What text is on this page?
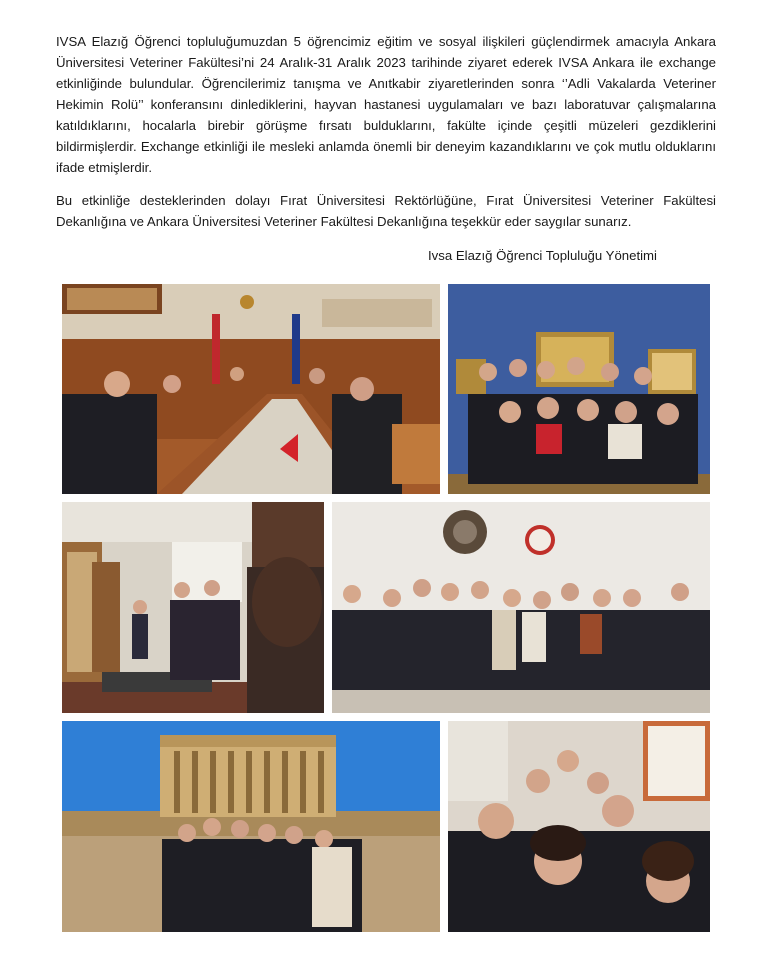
IVSA Elazığ Öğrenci topluluğumuzdan 5 öğrencimiz eğitim ve sosyal ilişkileri güçlendirmek amacıyla Ankara Üniversitesi Veteriner Fakültesi’ni 24 Aralık-31 Aralık 2023 tarihinde ziyaret ederek IVSA Ankara ile exchange etkinliğinde bulundular. Öğrencilerimiz tanışma ve Anıtkabir ziyaretlerinden sonra ‘’Adli Vakalarda Veteriner Hekimin Rolü’’ konferansını dinlediklerini, hayvan hastanesi uygulamaları ve bazı laboratuvar çalışmalarına katıldıklarını, hocalarla birebir görüşme fırsatı bulduklarını, fakülte içinde çeşitli müzeleri gezdiklerini bildirmişlerdir. Exchange etkinliği ile mesleki anlamda önemli bir deneyim kazandıklarını ve çok mutlu olduklarını ifade etmişlerdir.
Bu etkinliğe desteklerinden dolayı Fırat Üniversitesi Rektörlüğüne, Fırat Üniversitesi Veteriner Fakültesi Dekanlığına ve Ankara Üniversitesi Veteriner Fakültesi Dekanlığına teşekkür eder saygılar sunarız.
Ivsa Elazığ Öğrenci Topluluğu Yönetimi
